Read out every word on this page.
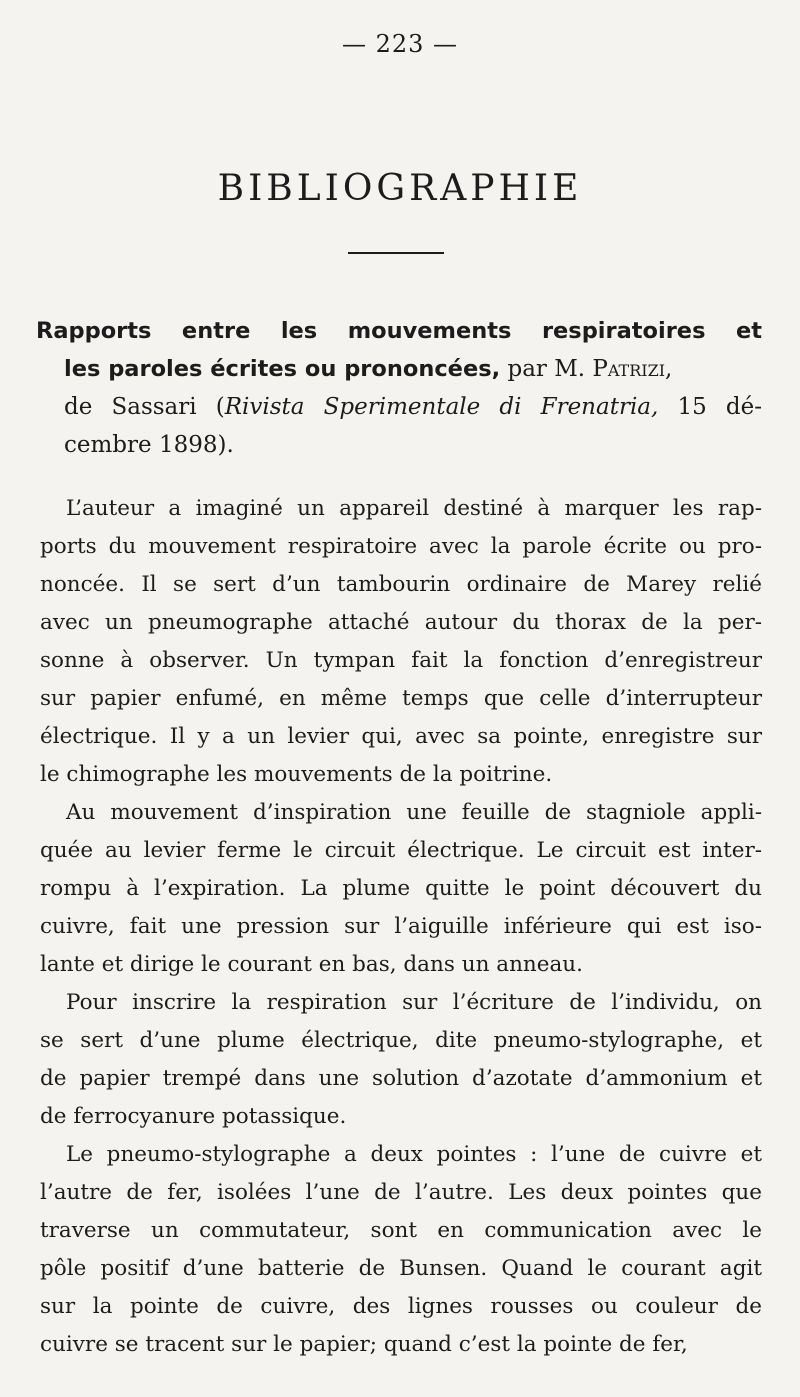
— 223 —
BIBLIOGRAPHIE
Rapports entre les mouvements respiratoires et
les paroles écrites ou prononcées, par M. Patrizi,
de Sassari (Rivista Sperimentale di Frenatria, 15 dé-
cembre 1898).
L’auteur a imaginé un appareil destiné à marquer les rap-
ports du mouvement respiratoire avec la parole écrite ou pro-
noncée. Il se sert d’un tambourin ordinaire de Marey relié
avec un pneumographe attaché autour du thorax de la per-
sonne à observer. Un tympan fait la fonction d’enregistreur
sur papier enfumé, en même temps que celle d’interrupteur
électrique. Il y a un levier qui, avec sa pointe, enregistre sur
le chimographe les mouvements de la poitrine.
Au mouvement d’inspiration une feuille de stagniole appli-
quée au levier ferme le circuit électrique. Le circuit est inter-
rompu à l’expiration. La plume quitte le point découvert du
cuivre, fait une pression sur l’aiguille inférieure qui est iso-
lante et dirige le courant en bas, dans un anneau.
Pour inscrire la respiration sur l’écriture de l’individu, on
se sert d’une plume électrique, dite pneumo-stylographe, et
de papier trempé dans une solution d’azotate d’ammonium et
de ferrocyanure potassique.
Le pneumo-stylographe a deux pointes : l’une de cuivre et
l’autre de fer, isolées l’une de l’autre. Les deux pointes que
traverse un commutateur, sont en communication avec le
pôle positif d’une batterie de Bunsen. Quand le courant agit
sur la pointe de cuivre, des lignes rousses ou couleur de
cuivre se tracent sur le papier; quand c’est la pointe de fer,
